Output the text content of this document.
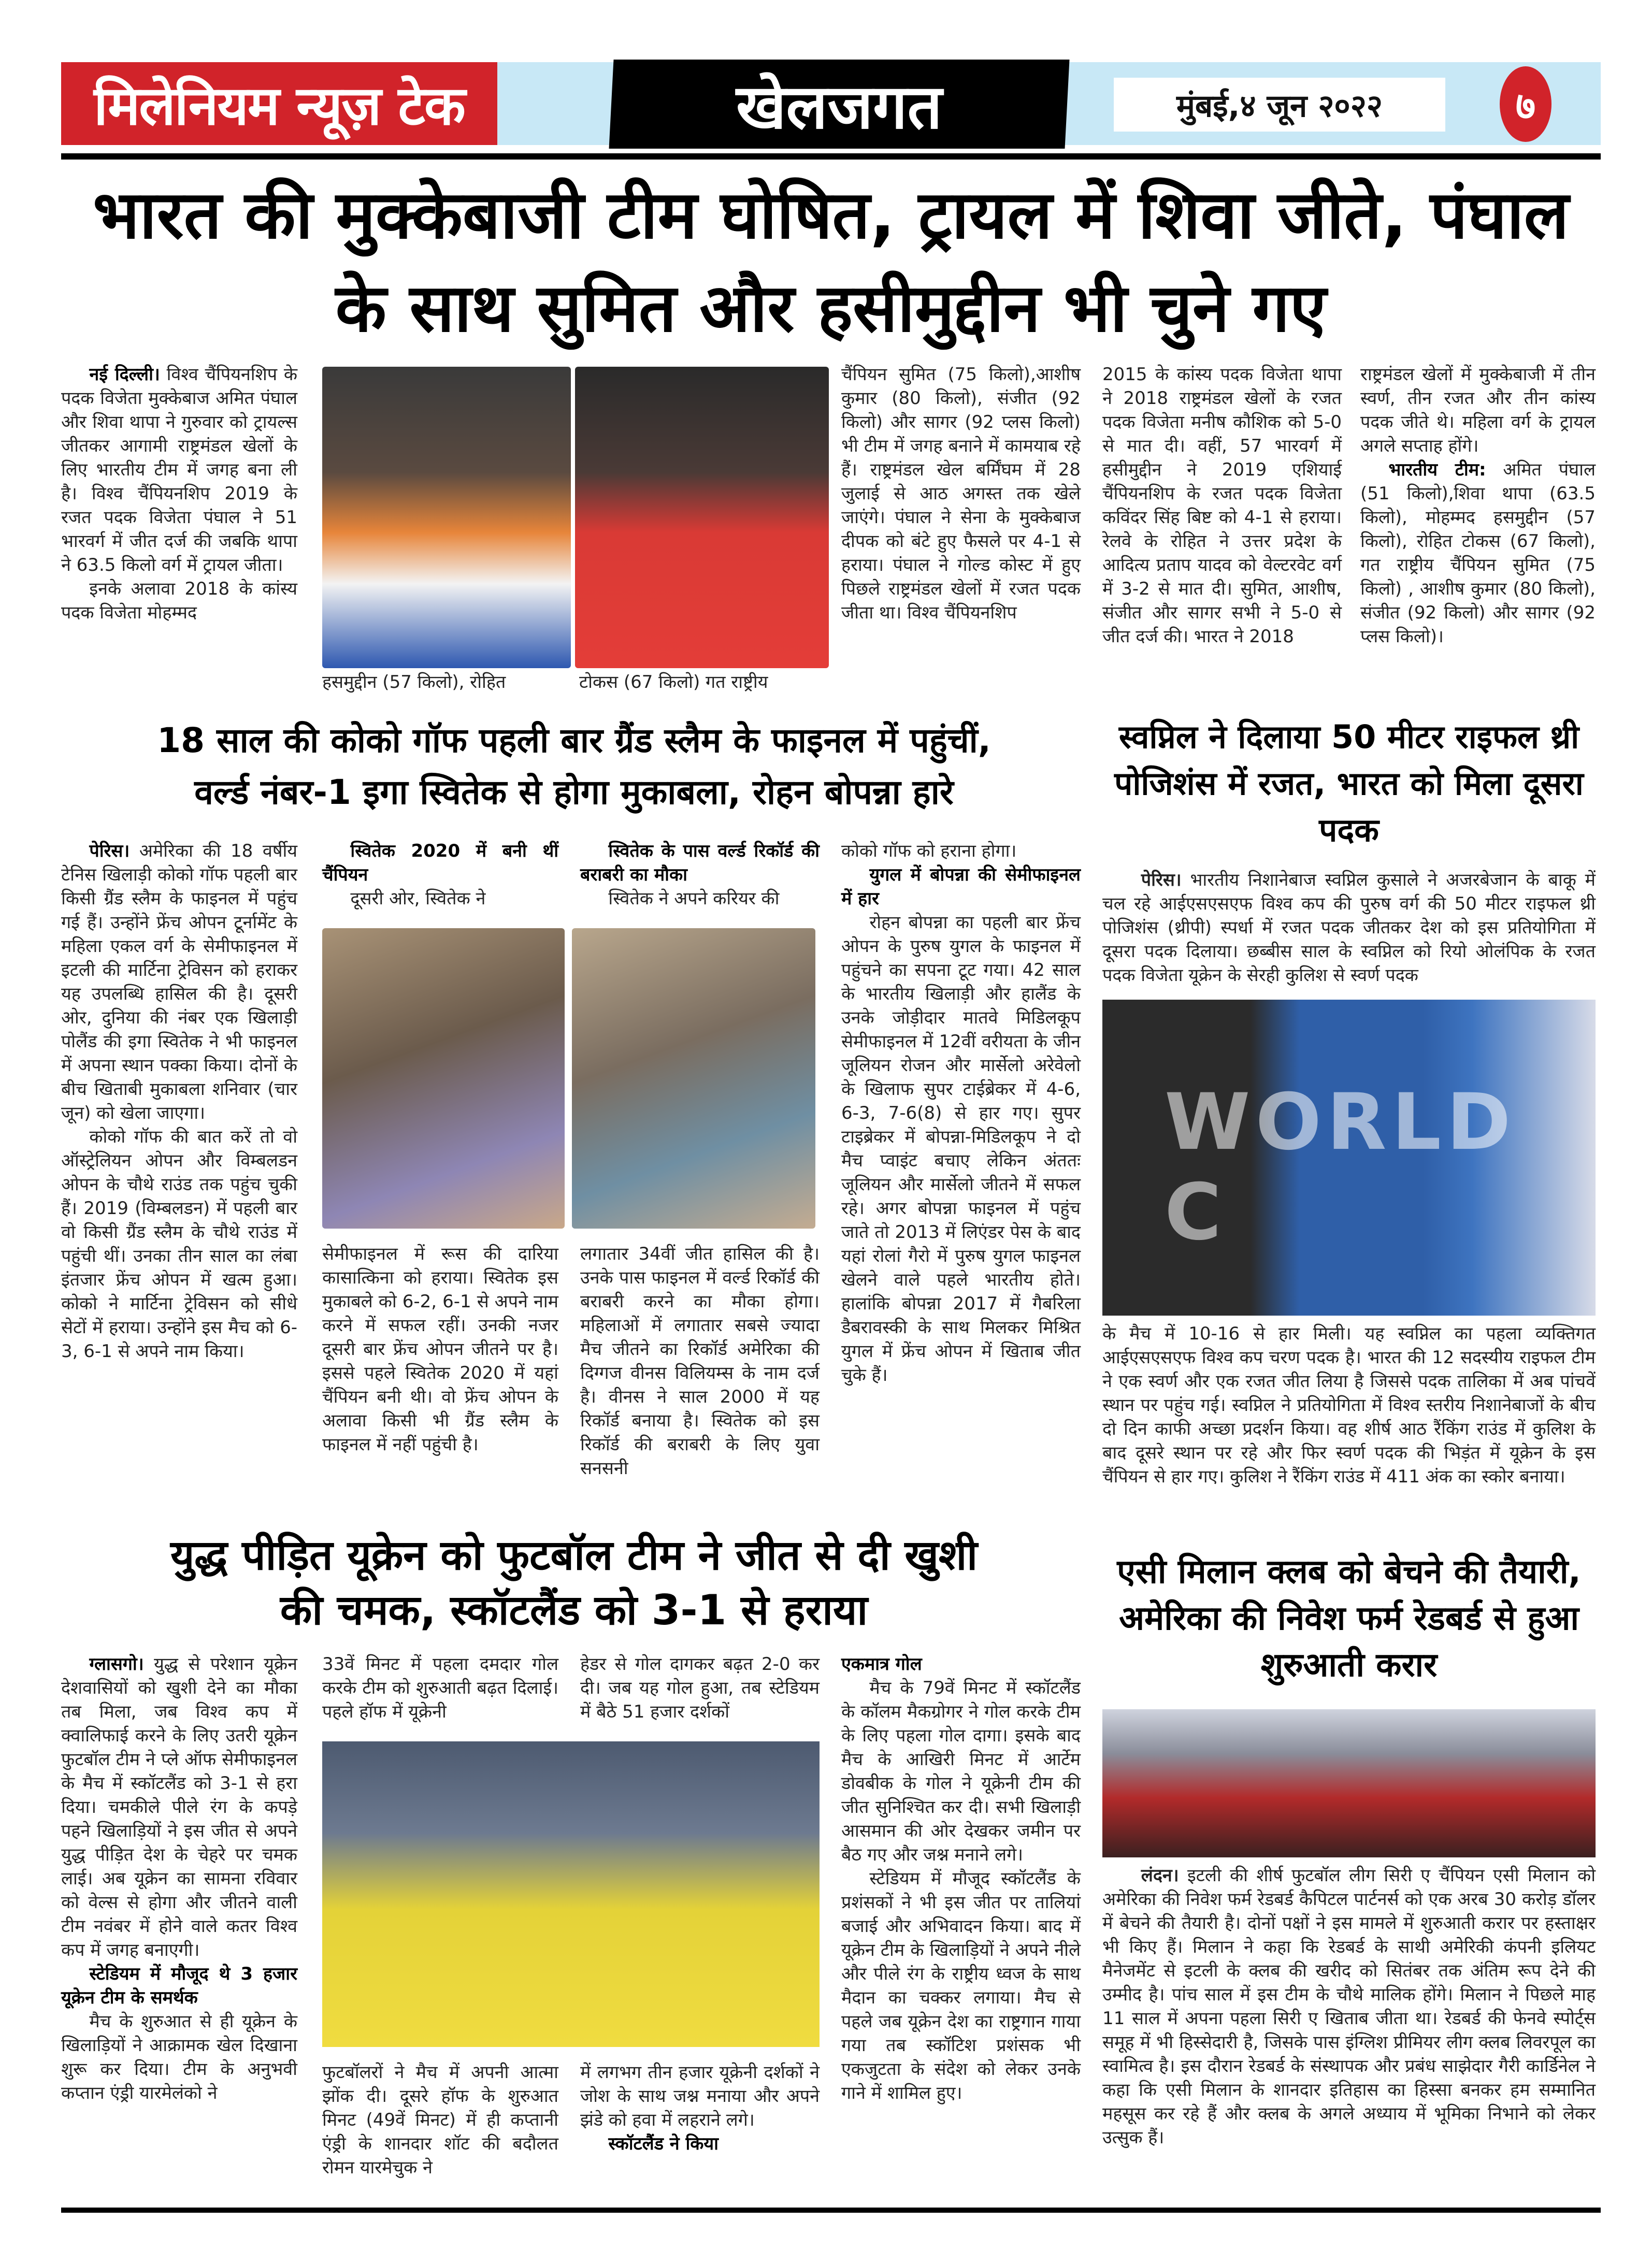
मिलेनियम न्यूज़ टेक	खेलजगत	मुंबई,४ जून २०२२	७
भारत की मुक्केबाजी टीम घोषित, ट्रायल में शिवा जीते, पंघाल
के साथ सुमित और हसीमुद्दीन भी चुने गए

नई दिल्ली। विश्व चैंपियनशिप के पदक विजेता मुक्केबाज अमित पंघाल और शिवा थापा ने गुरुवार को ट्रायल्स जीतकर आगामी राष्ट्रमंडल खेलों के लिए भारतीय टीम में जगह बना ली है। विश्व चैंपियनशिप 2019 के रजत पदक विजेता पंघाल ने 51 भारवर्ग में जीत दर्ज की जबकि थापा ने 63.5 किलो वर्ग में ट्रायल जीता।

इनके अलावा 2018 के कांस्य पदक विजेता मोहम्मद

हसमुद्दीन (57 किलो), रोहित	टोकस (67 किलो) गत राष्ट्रीय

चैंपियन सुमित (75 किलो),आशीष कुमार (80 किलो), संजीत (92 किलो) और सागर (92 प्लस किलो) भी टीम में जगह बनाने में कामयाब रहे हैं। राष्ट्रमंडल खेल बर्मिंघम में 28 जुलाई से आठ अगस्त तक खेले जाएंगे। पंघाल ने सेना के मुक्केबाज दीपक को बंटे हुए फैसले पर 4-1 से हराया। पंघाल ने गोल्ड कोस्ट में हुए पिछले राष्ट्रमंडल खेलों में रजत पदक जीता था। विश्व चैंपियनशिप

2015 के कांस्य पदक विजेता थापा ने 2018 राष्ट्रमंडल खेलों के रजत पदक विजेता मनीष कौशिक को 5-0 से मात दी। वहीं, 57 भारवर्ग में हसीमुद्दीन ने 2019 एशियाई चैंपियनशिप के रजत पदक विजेता कविंदर सिंह बिष्ट को 4-1 से हराया। रेलवे के रोहित ने उत्तर प्रदेश के आदित्य प्रताप यादव को वेल्टरवेट वर्ग में 3-2 से मात दी। सुमित, आशीष, संजीत और सागर सभी ने 5-0 से जीत दर्ज की। भारत ने 2018

राष्ट्रमंडल खेलों में मुक्केबाजी में तीन स्वर्ण, तीन रजत और तीन कांस्य पदक जीते थे। महिला वर्ग के ट्रायल अगले सप्ताह होंगे।

भारतीय टीम: अमित पंघाल (51 किलो),शिवा थापा (63.5 किलो), मोहम्मद हसमुद्दीन (57 किलो), रोहित टोकस (67 किलो), गत राष्ट्रीय चैंपियन सुमित (75 किलो) , आशीष कुमार (80 किलो), संजीत (92 किलो) और सागर (92 प्लस किलो)।

18 साल की कोको गॉफ पहली बार ग्रैंड स्लैम के फाइनल में पहुंचीं,
वर्ल्ड नंबर-1 इगा स्वितेक से होगा मुकाबला, रोहन बोपन्ना हारे

पेरिस। अमेरिका की 18 वर्षीय टेनिस खिलाड़ी कोको गॉफ पहली बार किसी ग्रैंड स्लैम के फाइनल में पहुंच गई हैं। उन्होंने फ्रेंच ओपन टूर्नामेंट के महिला एकल वर्ग के सेमीफाइनल में इटली की मार्टिना ट्रेविसन को हराकर यह उपलब्धि हासिल की है। दूसरी ओर, दुनिया की नंबर एक खिलाड़ी पोलैंड की इगा स्वितेक ने भी फाइनल में अपना स्थान पक्का किया। दोनों के बीच खिताबी मुकाबला शनिवार (चार जून) को खेला जाएगा।

कोको गॉफ की बात करें तो वो ऑस्ट्रेलियन ओपन और विम्बलडन ओपन के चौथे राउंड तक पहुंच चुकी हैं। 2019 (विम्बलडन) में पहली बार वो किसी ग्रैंड स्लैम के चौथे राउंड में पहुंची थीं। उनका तीन साल का लंबा इंतजार फ्रेंच ओपन में खत्म हुआ। कोको ने मार्टिना ट्रेविसन को सीधे सेटों में हराया। उन्होंने इस मैच को 6-3, 6-1 से अपने नाम किया।

स्वितेक 2020 में बनी थीं चैंपियन

दूसरी ओर, स्वितेक ने

स्वितेक के पास वर्ल्ड रिकॉर्ड की बराबरी का मौका

स्वितेक ने अपने करियर की

सेमीफाइनल में रूस की दारिया कासात्किना को हराया। स्वितेक इस मुकाबले को 6-2, 6-1 से अपने नाम करने में सफल रहीं। उनकी नजर दूसरी बार फ्रेंच ओपन जीतने पर है। इससे पहले स्वितेक 2020 में यहां चैंपियन बनी थी। वो फ्रेंच ओपन के अलावा किसी भी ग्रैंड स्लैम के फाइनल में नहीं पहुंची है।

लगातार 34वीं जीत हासिल की है। उनके पास फाइनल में वर्ल्ड रिकॉर्ड की बराबरी करने का मौका होगा। महिलाओं में लगातार सबसे ज्यादा मैच जीतने का रिकॉर्ड अमेरिका की दिग्गज वीनस विलियम्स के नाम दर्ज है। वीनस ने साल 2000 में यह रिकॉर्ड बनाया है। स्वितेक को इस रिकॉर्ड की बराबरी के लिए युवा सनसनी

कोको गॉफ को हराना होगा।

युगल में बोपन्ना की सेमीफाइनल में हार

रोहन बोपन्ना का पहली बार फ्रेंच ओपन के पुरुष युगल के फाइनल में पहुंचने का सपना टूट गया। 42 साल के भारतीय खिलाड़ी और हालैंड के उनके जोड़ीदार मातवे मिडिलकूप सेमीफाइनल में 12वीं वरीयता के जीन जूलियन रोजन और मार्सेलो अरेवेलो के खिलाफ सुपर टाईब्रेकर में 4-6, 6-3, 7-6(8) से हार गए। सुपर टाइब्रेकर में बोपन्ना-मिडिलकूप ने दो मैच प्वाइंट बचाए लेकिन अंततः जूलियन और मार्सेलो जीतने में सफल रहे। अगर बोपन्ना फाइनल में पहुंच जाते तो 2013 में लिएंडर पेस के बाद यहां रोलां गैरो में पुरुष युगल फाइनल खेलने वाले पहले भारतीय होते। हालांकि बोपन्ना 2017 में गैबरिला डैबरावस्की के साथ मिलकर मिश्रित युगल में फ्रेंच ओपन में खिताब जीत चुके हैं।

स्वप्निल ने दिलाया 50 मीटर राइफल थ्री पोजिशंस में रजत, भारत को मिला दूसरा पदक

पेरिस। भारतीय निशानेबाज स्वप्निल कुसाले ने अजरबेजान के बाकू में चल रहे आईएसएसएफ विश्व कप की पुरुष वर्ग की 50 मीटर राइफल थ्री पोजिशंस (थ्रीपी) स्पर्धा में रजत पदक जीतकर देश को इस प्रतियोगिता में दूसरा पदक दिलाया। छब्बीस साल के स्वप्निल को रियो ओलंपिक के रजत पदक विजेता यूक्रेन के सेरही कुलिश से स्वर्ण पदक

WORLD C

के मैच में 10-16 से हार मिली। यह स्वप्निल का पहला व्यक्तिगत आईएसएसएफ विश्व कप चरण पदक है। भारत की 12 सदस्यीय राइफल टीम ने एक स्वर्ण और एक रजत जीत लिया है जिससे पदक तालिका में अब पांचवें स्थान पर पहुंच गई। स्वप्निल ने प्रतियोगिता में विश्व स्तरीय निशानेबाजों के बीच दो दिन काफी अच्छा प्रदर्शन किया। वह शीर्ष आठ रैंकिंग राउंड में कुलिश के बाद दूसरे स्थान पर रहे और फिर स्वर्ण पदक की भिड़ंत में यूक्रेन के इस चैंपियन से हार गए। कुलिश ने रैंकिंग राउंड में 411 अंक का स्कोर बनाया।

युद्ध पीड़ित यूक्रेन को फुटबॉल टीम ने जीत से दी खुशी
की चमक, स्कॉटलैंड को 3-1 से हराया

ग्लासगो। युद्ध से परेशान यूक्रेन देशवासियों को खुशी देने का मौका तब मिला, जब विश्व कप में क्वालिफाई करने के लिए उतरी यूक्रेन फुटबॉल टीम ने प्ले ऑफ सेमीफाइनल के मैच में स्कॉटलैंड को 3-1 से हरा दिया। चमकीले पीले रंग के कपड़े पहने खिलाड़ियों ने इस जीत से अपने युद्ध पीड़ित देश के चेहरे पर चमक लाई। अब यूक्रेन का सामना रविवार को वेल्स से होगा और जीतने वाली टीम नवंबर में होने वाले कतर विश्व कप में जगह बनाएगी।

स्टेडियम में मौजूद थे 3 हजार यूक्रेन टीम के समर्थक

मैच के शुरुआत से ही यूक्रेन के खिलाड़ियों ने आक्रामक खेल दिखाना शुरू कर दिया। टीम के अनुभवी कप्तान एंड्री यारमेलंको ने

33वें मिनट में पहला दमदार गोल करके टीम को शुरुआती बढ़त दिलाई। पहले हॉफ में यूक्रेनी

हेडर से गोल दागकर बढ़त 2-0 कर दी। जब यह गोल हुआ, तब स्टेडियम में बैठे 51 हजार दर्शकों

फुटबॉलरों ने मैच में अपनी आत्मा झोंक दी। दूसरे हॉफ के शुरुआत मिनट (49वें मिनट) में ही कप्तानी एंड्री के शानदार शॉट की बदौलत रोमन यारमेचुक ने

में लगभग तीन हजार यूक्रेनी दर्शकों ने जोश के साथ जश्न मनाया और अपने झंडे को हवा में लहराने लगे।

स्कॉटलैंड ने किया

एकमात्र गोल

मैच के 79वें मिनट में स्कॉटलैंड के कॉलम मैकग्रोगर ने गोल करके टीम के लिए पहला गोल दागा। इसके बाद मैच के आखिरी मिनट में आर्टेम डोवबीक के गोल ने यूक्रेनी टीम की जीत सुनिश्चित कर दी। सभी खिलाड़ी आसमान की ओर देखकर जमीन पर बैठ गए और जश्न मनाने लगे।

स्टेडियम में मौजूद स्कॉटलैंड के प्रशंसकों ने भी इस जीत पर तालियां बजाई और अभिवादन किया। बाद में यूक्रेन टीम के खिलाड़ियों ने अपने नीले और पीले रंग के राष्ट्रीय ध्वज के साथ मैदान का चक्कर लगाया। मैच से पहले जब यूक्रेन देश का राष्ट्रगान गाया गया तब स्कॉटिश प्रशंसक भी एकजुटता के संदेश को लेकर उनके गाने में शामिल हुए।

एसी मिलान क्लब को बेचने की तैयारी, अमेरिका की निवेश फर्म रेडबर्ड से हुआ शुरुआती करार

लंदन। इटली की शीर्ष फुटबॉल लीग सिरी ए चैंपियन एसी मिलान को अमेरिका की निवेश फर्म रेडबर्ड कैपिटल पार्टनर्स को एक अरब 30 करोड़ डॉलर में बेचने की तैयारी है। दोनों पक्षों ने इस मामले में शुरुआती करार पर हस्ताक्षर भी किए हैं। मिलान ने कहा कि रेडबर्ड के साथी अमेरिकी कंपनी इलियट मैनेजमेंट से इटली के क्लब की खरीद को सितंबर तक अंतिम रूप देने की उम्मीद है। पांच साल में इस टीम के चौथे मालिक होंगे। मिलान ने पिछले माह 11 साल में अपना पहला सिरी ए खिताब जीता था। रेडबर्ड की फेनवे स्पोर्ट्स समूह में भी हिस्सेदारी है, जिसके पास इंग्लिश प्रीमियर लीग क्लब लिवरपूल का स्वामित्व है। इस दौरान रेडबर्ड के संस्थापक और प्रबंध साझेदार गैरी कार्डिनेल ने कहा कि एसी मिलान के शानदार इतिहास का हिस्सा बनकर हम सम्मानित महसूस कर रहे हैं और क्लब के अगले अध्याय में भूमिका निभाने को लेकर उत्सुक हैं।
